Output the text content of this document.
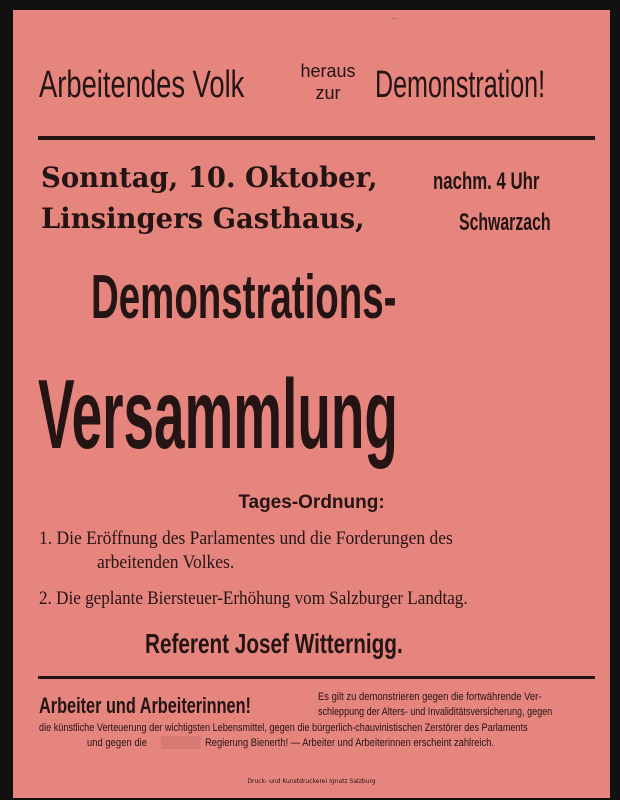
~
Arbeitendes Volk	heraus
zur Demonstration!
Sonntag, 10. Oktober, nachm. 4 Uhr
Linsingers Gasthaus,	Schwarzach
Demonstrations-
Versammlung
Tages-Ordnung:
1. Die Eröffnung des Parlamentes und die Forderungen des
arbeitenden Volkes.
2. Die geplante Biersteuer-Erhöhung vom Salzburger Landtag.
Referent Josef Witternigg.
Arbeiter und Arbeiterinnen!	Es gilt zu demonstrieren gegen die fortwährende Ver-
schleppung der Alters- und Invaliditätsversicherung, gegen
die künstliche Verteuerung der wichtigsten Lebensmittel, gegen die bürgerlich-chauvinistischen Zerstörer des Parlaments
und gegen die	Regierung Bienerth! — Arbeiter und Arbeiterinnen erscheint zahlreich.
Druck- und Kunstdruckerei Ignatz Salzburg
